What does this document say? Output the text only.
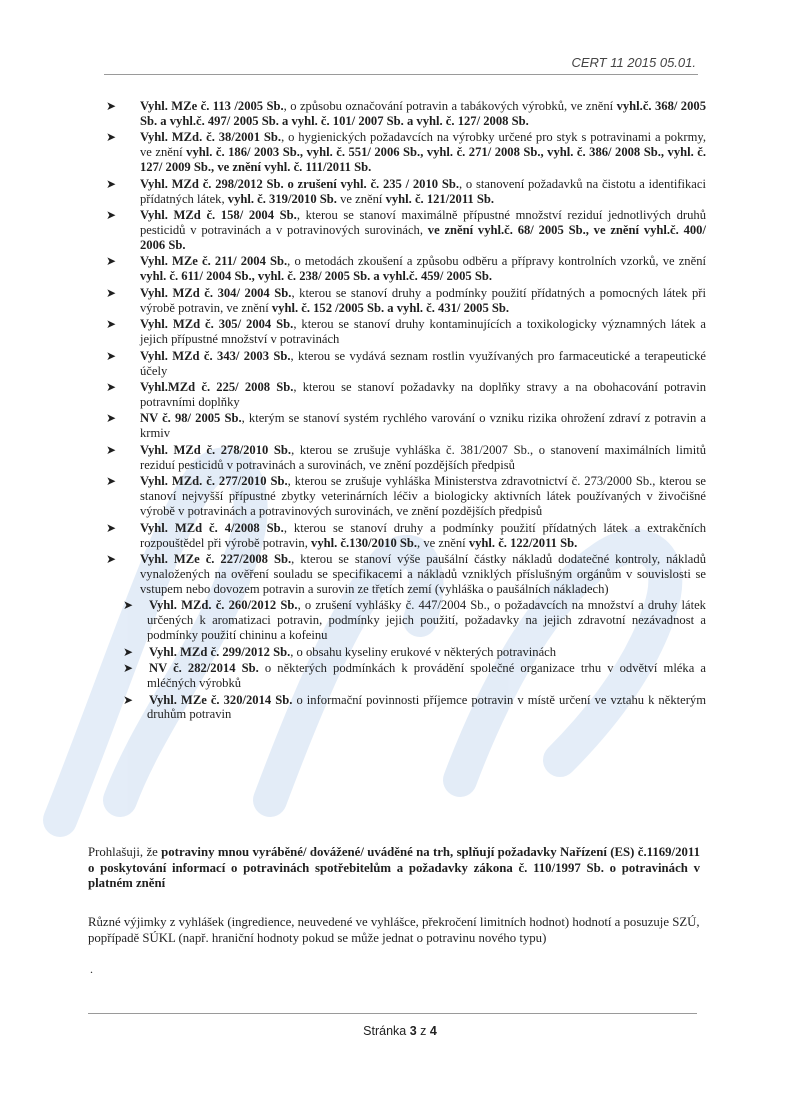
CERT 11 2015 05.01.
➤ Vyhl. MZe č. 113 /2005 Sb., o způsobu označování potravin a tabákových výrobků, ve znění vyhl.č. 368/ 2005 Sb. a vyhl.č. 497/ 2005 Sb. a vyhl. č. 101/ 2007 Sb. a vyhl. č. 127/ 2008 Sb.
➤ Vyhl. MZd. č. 38/2001 Sb., o hygienických požadavcích na výrobky určené pro styk s potravinami a pokrmy, ve znění vyhl. č. 186/ 2003 Sb., vyhl. č. 551/ 2006 Sb., vyhl. č. 271/ 2008 Sb., vyhl. č. 386/ 2008 Sb., vyhl. č. 127/ 2009 Sb., ve znění vyhl. č. 111/2011 Sb.
➤ Vyhl. MZd č. 298/2012 Sb. o zrušení vyhl. č. 235 / 2010 Sb., o stanovení požadavků na čistotu a identifikaci přídatných látek, vyhl. č. 319/2010 Sb. ve znění vyhl. č. 121/2011 Sb.
➤ Vyhl. MZd č. 158/ 2004 Sb., kterou se stanoví maximálně přípustné množství reziduí jednotlivých druhů pesticidů v potravinách a v potravinových surovinách, ve znění vyhl.č. 68/ 2005 Sb., ve znění vyhl.č. 400/ 2006 Sb.
➤ Vyhl. MZe č. 211/ 2004 Sb., o metodách zkoušení a způsobu odběru a přípravy kontrolních vzorků, ve znění vyhl. č. 611/ 2004 Sb., vyhl. č. 238/ 2005 Sb. a vyhl.č. 459/ 2005 Sb.
➤ Vyhl. MZd č. 304/ 2004 Sb., kterou se stanoví druhy a podmínky použití přídatných a pomocných látek při výrobě potravin, ve znění vyhl. č. 152 /2005 Sb. a vyhl. č. 431/ 2005 Sb.
➤ Vyhl. MZd č. 305/ 2004 Sb., kterou se stanoví druhy kontaminujících a toxikologicky významných látek a jejich přípustné množství v potravinách
➤ Vyhl. MZd č. 343/ 2003 Sb., kterou se vydává seznam rostlin využívaných pro farmaceutické a terapeutické účely
➤ Vyhl.MZd č. 225/ 2008 Sb., kterou se stanoví požadavky na doplňky stravy a na obohacování potravin potravními doplňky
➤ NV č. 98/ 2005 Sb., kterým se stanoví systém rychlého varování o vzniku rizika ohrožení zdraví z potravin a krmiv
➤ Vyhl. MZd č. 278/2010 Sb., kterou se zrušuje vyhláška č. 381/2007 Sb., o stanovení maximálních limitů reziduí pesticidů v potravinách a surovinách, ve znění pozdějších předpisů
➤ Vyhl. MZd. č. 277/2010 Sb., kterou se zrušuje vyhláška Ministerstva zdravotnictví č. 273/2000 Sb., kterou se stanoví nejvyšší přípustné zbytky veterinárních léčiv a biologicky aktivních látek používaných v živočišné výrobě v potravinách a potravinových surovinách, ve znění pozdějších předpisů
➤ Vyhl. MZd č. 4/2008 Sb., kterou se stanoví druhy a podmínky použití přídatných látek a extrakčních rozpouštědel při výrobě potravin, vyhl. č.130/2010 Sb., ve znění vyhl. č. 122/2011 Sb.
➤ Vyhl. MZe č. 227/2008 Sb., kterou se stanoví výše paušální částky nákladů dodatečné kontroly, nákladů vynaložených na ověření souladu se specifikacemi a nákladů vzniklých příslušným orgánům v souvislosti se vstupem nebo dovozem potravin a surovin ze třetích zemí (vyhláška o paušálních nákladech)
➤ Vyhl. MZd. č. 260/2012 Sb., o zrušení vyhlášky č. 447/2004 Sb., o požadavcích na množství a druhy látek určených k aromatizaci potravin, podmínky jejich použití, požadavky na jejich zdravotní nezávadnost a podmínky použití chininu a kofeinu
➤ Vyhl. MZd č. 299/2012 Sb., o obsahu kyseliny erukové v některých potravinách
➤ NV č. 282/2014 Sb. o některých podmínkách k provádění společné organizace trhu v odvětví mléka a mléčných výrobků
➤ Vyhl. MZe č. 320/2014 Sb. o informační povinnosti příjemce potravin v místě určení ve vztahu k některým druhům potravin
Prohlašuji, že potraviny mnou vyráběné/ dovážené/ uváděné na trh, splňují požadavky Nařízení (ES) č.1169/2011 o poskytování informací o potravinách spotřebitelům a požadavky zákona č. 110/1997 Sb. o potravinách v platném znění
Různé výjimky z vyhlášek (ingredience, neuvedené ve vyhlášce, překročení limitních hodnot) hodnotí a posuzuje SZÚ, popřípadě SÚKL (např. hraniční hodnoty pokud se může jednat o potravinu nového typu)
.
Stránka 3 z 4
